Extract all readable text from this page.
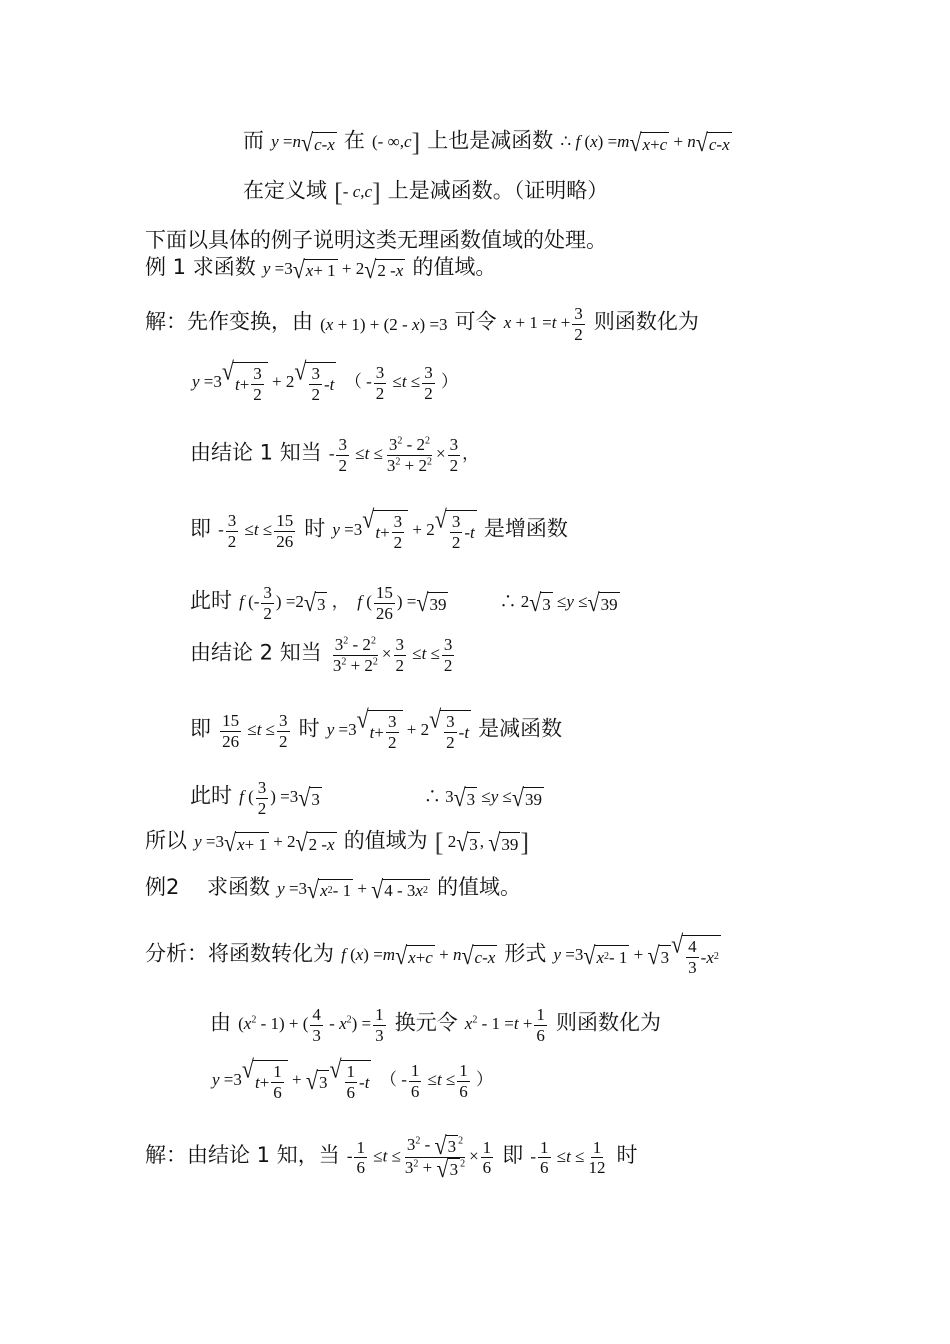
而 y =n √ c - x 在 (- ∞,c] 上也是减函数 ∴ f (x) =m √ x + c + n √ c - x
在定义域 [- c,c] 上是减函数。（证明略）
下面以具体的例子说明这类无理函数值域的处理。
例 1 求函数 y =3 √ x + 1 + 2 √ 2 - x 的值域。
解：先作变换，由 (x + 1) + (2 - x) =3 可令 $x + 1 =t + \frac{3}{2}$ 则函数化为
y =3 √ $t + \frac{3}{2} + 2$ √ $\frac{3}{2}$ - t 　（ - $\frac{3}{2} \le t \le \frac{3}{2}$ ）
由结论 1 知当 - $\frac{3}{2} \le t \le \frac{3^2 - 2^2}{3^2 + 2^2} \times \frac{3}{2}$ ，
即 - $\frac{3}{2} \le t \le \frac{15}{26}$ 时 y =3 √ $t + \frac{3}{2} + 2$ √ $\frac{3}{2}$ - t 是增函数
此时 f (- $\frac{3}{2}$ ) =2 √ 3 ，　f ( $\frac{15}{26}$ ) = √ 39 　　　∴ 2 √ 3 ≤y ≤ √ 39
由结论 2 知当 $\frac{3^2 - 2^2}{3^2 + 2^2} \times \frac{3}{2} \le t \le \frac{3}{2}$
即 $\frac{15}{26} \le t \le \frac{3}{2}$ 时 y =3 √ $t + \frac{3}{2} + 2$ √ $\frac{3}{2}$ - t 是减函数
此时 f ( $\frac{3}{2}$ ) =3 √ 3 　　　　　　∴ 3 √ 3 ≤y ≤ √ 39
所以 y =3 √ x + 1 + 2 √ 2 - x 的值域为 [ 2 √ 3 , √ 39 ]
例2　 求函数 y =3 √ x 2 - 1 + √ 4 - 3 x 2 的值域。
分析：将函数转化为 f (x) =m √ x + c + n √ c - x 形式 y =3 √ x 2 - 1 + √ 3 √ $\frac{4}{3}$ - x 2
由 $(x^2 - 1)$ + ( $\frac{4}{3} - x^2) = \frac{1}{3}$ 换元令 $x^2 - 1 =t + \frac{1}{6}$ 则函数化为
y =3 √ $t + \frac{1}{6}$ + √ 3 √ $\frac{1}{6}$ - t 　（ - $\frac{1}{6} \le t \le \frac{1}{6}$ ）
解：由结论 1 知，当 - $\frac{1}{6} \le t \le \frac{3^2 - √ 3 ^2}{3^2 + √ 3 ^2} \times \frac{1}{6}$ 即 - $\frac{1}{6} \le t \le \frac{1}{12}$ 时
